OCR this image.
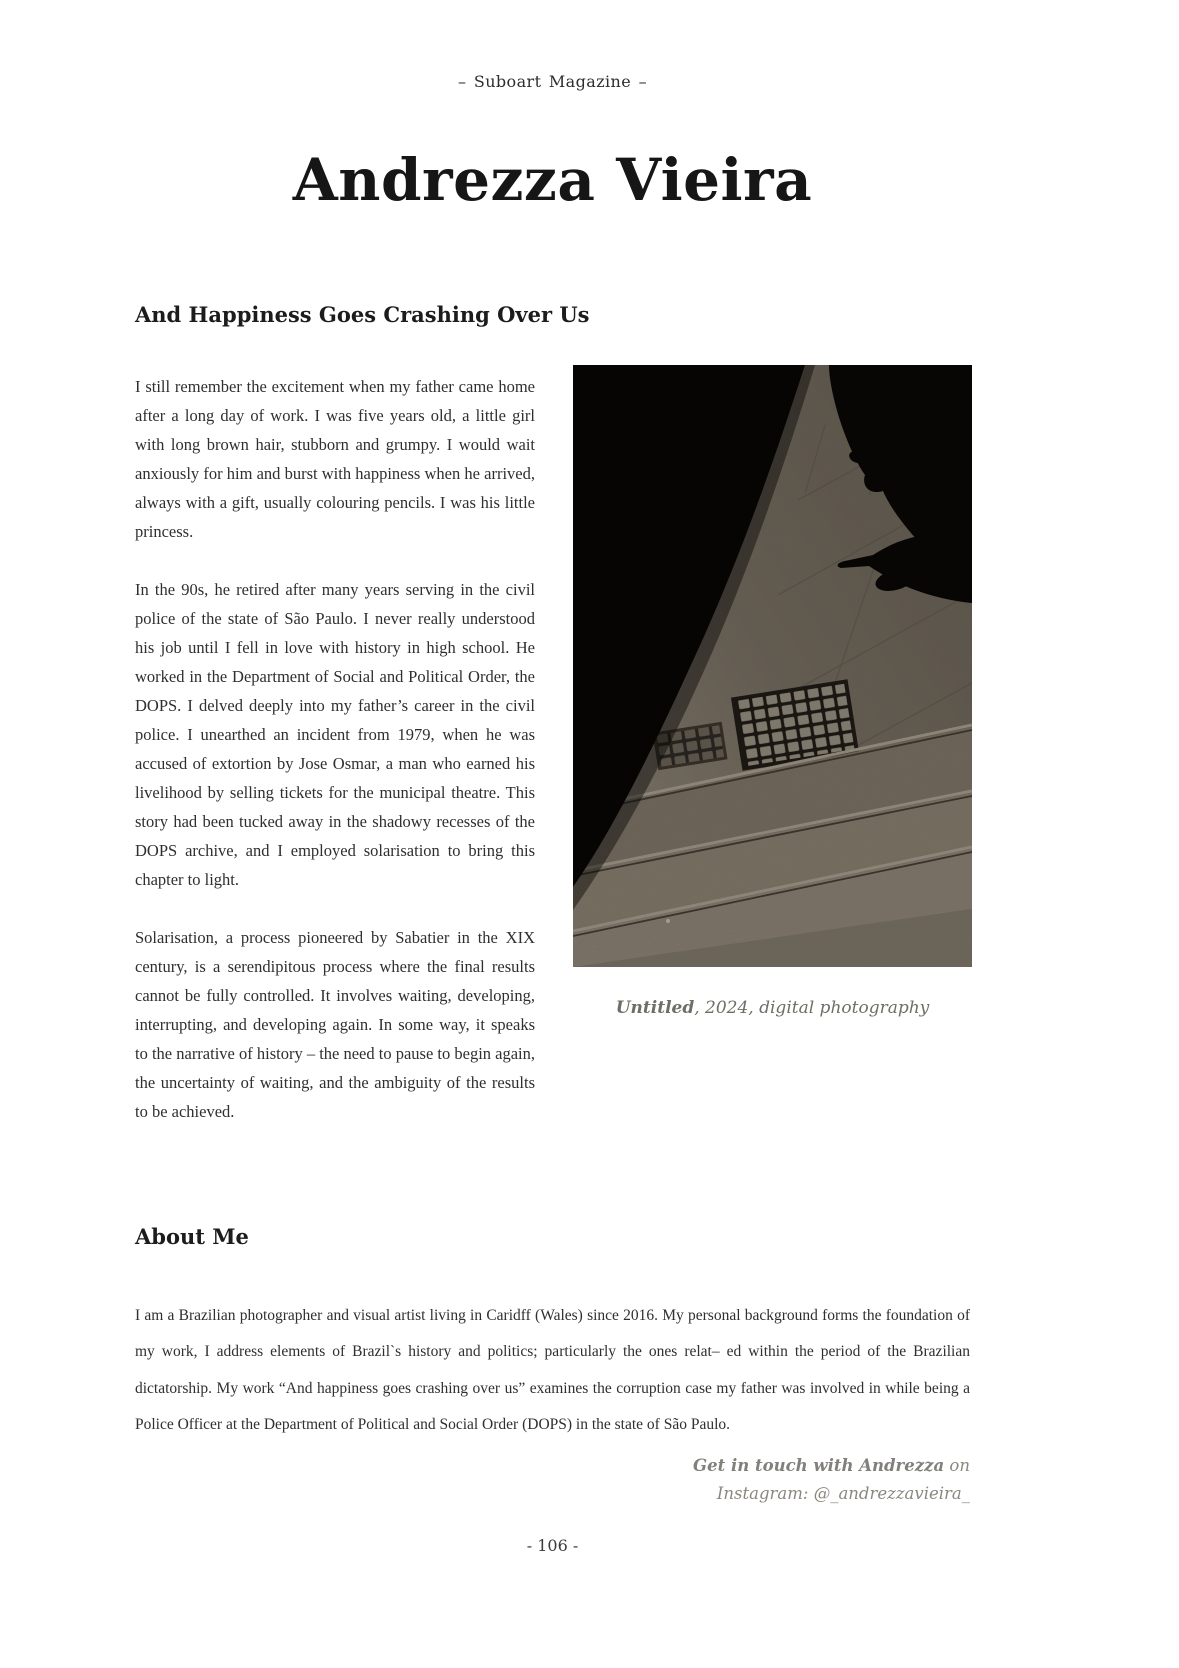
– Suboart Magazine –
Andrezza Vieira
And Happiness Goes Crashing Over Us

I still remember the excitement when my father came home after a long day of work. I was five years old, a little girl with long brown hair, stubborn and grumpy. I would wait anxiously for him and burst with happiness when he arrived, always with a gift, usually colouring pencils. I was his little princess.

In the 90s, he retired after many years serving in the civil police of the state of São Paulo. I never really understood his job until I fell in love with history in high school. He worked in the Department of Social and Political Order, the DOPS. I delved deeply into my father’s career in the civil police. I unearthed an incident from 1979, when he was accused of extortion by Jose Osmar, a man who earned his livelihood by selling tickets for the municipal theatre. This story had been tucked away in the shadowy recesses of the DOPS archive, and I employed solarisation to bring this chapter to light.

Solarisation, a process pioneered by Sabatier in the XIX century, is a serendipitous process where the final results cannot be fully controlled. It involves waiting, developing, interrupting, and developing again. In some way, it speaks to the narrative of history – the need to pause to begin again, the uncertainty of waiting, and the ambiguity of the results to be achieved.

Untitled, 2024, digital photography
About Me

I am a Brazilian photographer and visual artist living in Caridff (Wales) since 2016. My personal background forms the foundation of my work, I address elements of Brazil`s history and politics; particularly the ones relat– ed within the period of the Brazilian dictatorship. My work “And happiness goes crashing over us” examines the corruption case my father was involved in while being a Police Officer at the Department of Political and Social Order (DOPS) in the state of São Paulo.

Get in touch with Andrezza on
Instagram: @_andrezzavieira_
- 106 -
